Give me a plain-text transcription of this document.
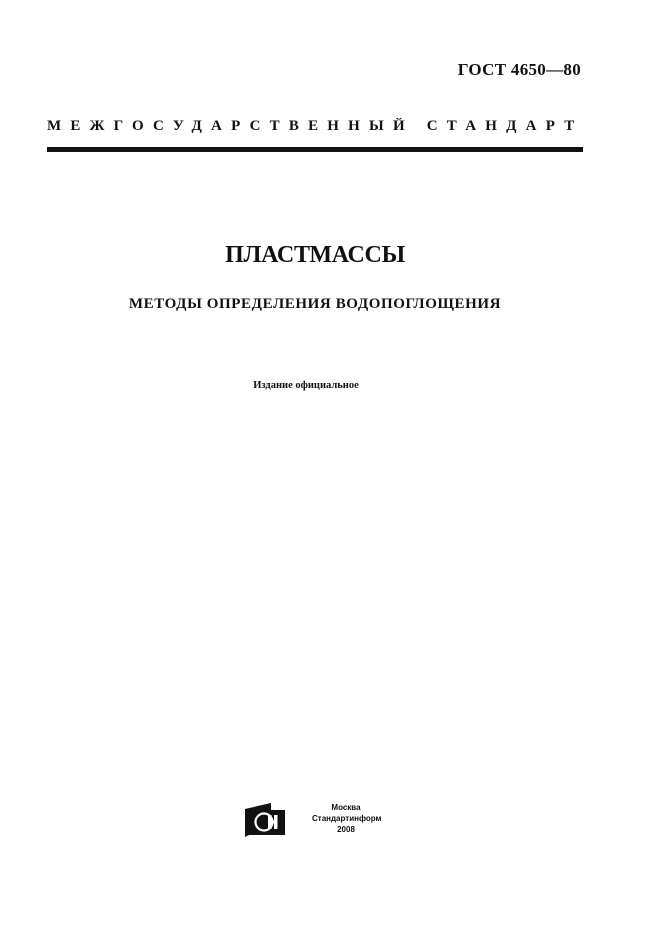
ГОСТ 4650—80
МЕЖГОСУДАРСТВЕННЫЙ СТАНДАРТ
ПЛАСТМАССЫ
МЕТОДЫ ОПРЕДЕЛЕНИЯ ВОДОПОГЛОЩЕНИЯ
Издание официальное
Москва
Стандартинформ
2008
